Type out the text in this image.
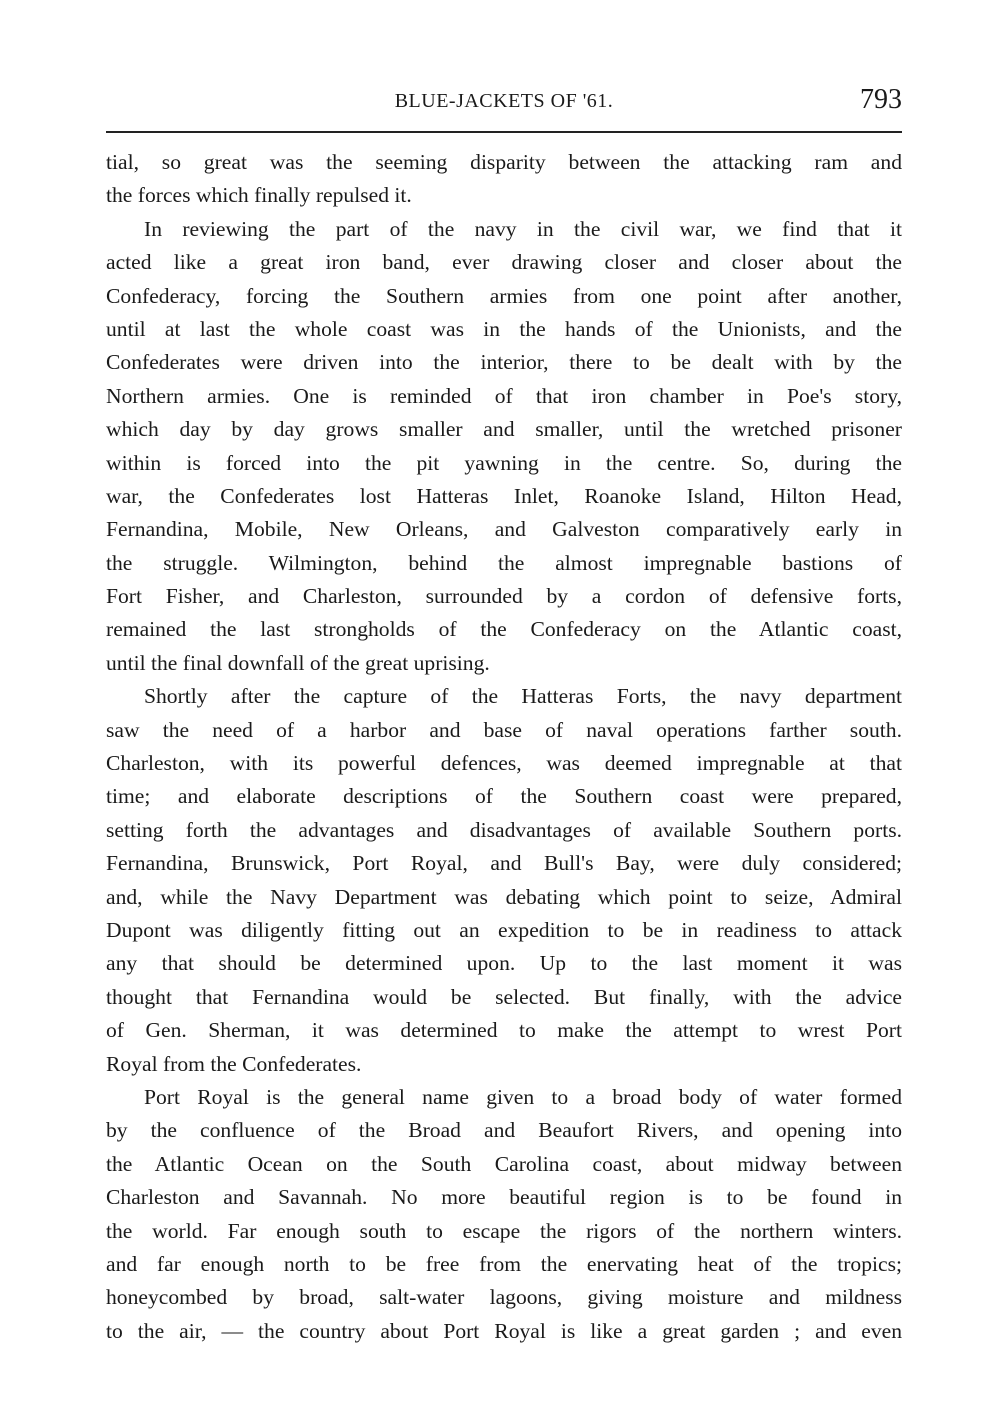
BLUE-JACKETS OF '61.	793
tial, so great was the seeming disparity between the attacking ram and
the forces which finally repulsed it.
In reviewing the part of the navy in the civil war, we find that it
acted like a great iron band, ever drawing closer and closer about the
Confederacy, forcing the Southern armies from one point after another,
until at last the whole coast was in the hands of the Unionists, and the
Confederates were driven into the interior, there to be dealt with by the
Northern armies. One is reminded of that iron chamber in Poe's story,
which day by day grows smaller and smaller, until the wretched prisoner
within is forced into the pit yawning in the centre. So, during the
war, the Confederates lost Hatteras Inlet, Roanoke Island, Hilton Head,
Fernandina, Mobile, New Orleans, and Galveston comparatively early in
the struggle. Wilmington, behind the almost impregnable bastions of
Fort Fisher, and Charleston, surrounded by a cordon of defensive forts,
remained the last strongholds of the Confederacy on the Atlantic coast,
until the final downfall of the great uprising.
Shortly after the capture of the Hatteras Forts, the navy department
saw the need of a harbor and base of naval operations farther south.
Charleston, with its powerful defences, was deemed impregnable at that
time; and elaborate descriptions of the Southern coast were prepared,
setting forth the advantages and disadvantages of available Southern ports.
Fernandina, Brunswick, Port Royal, and Bull's Bay, were duly considered;
and, while the Navy Department was debating which point to seize, Admiral
Dupont was diligently fitting out an expedition to be in readiness to attack
any that should be determined upon. Up to the last moment it was
thought that Fernandina would be selected. But finally, with the advice
of Gen. Sherman, it was determined to make the attempt to wrest Port
Royal from the Confederates.
Port Royal is the general name given to a broad body of water formed
by the confluence of the Broad and Beaufort Rivers, and opening into
the Atlantic Ocean on the South Carolina coast, about midway between
Charleston and Savannah. No more beautiful region is to be found in
the world. Far enough south to escape the rigors of the northern winters.
and far enough north to be free from the enervating heat of the tropics;
honeycombed by broad, salt-water lagoons, giving moisture and mildness
to the air, — the country about Port Royal is like a great garden ; and even
